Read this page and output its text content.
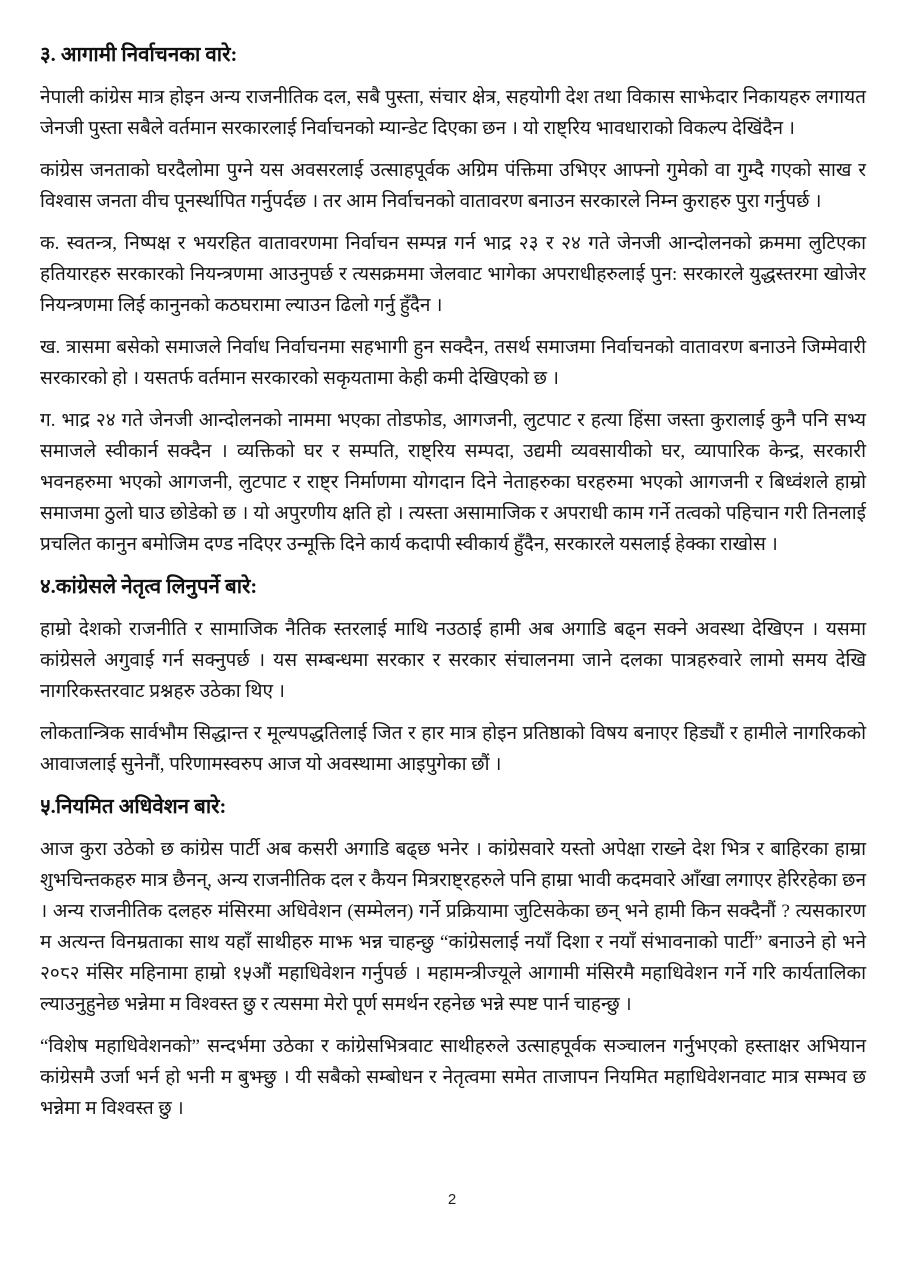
३. आगामी निर्वाचनका वारे:

नेपाली कांग्रेस मात्र होइन अन्य राजनीतिक दल, सबै पुस्ता, संचार क्षेत्र, सहयोगी देश तथा विकास साझेदार निकायहरु लगायत जेनजी पुस्ता सबैले वर्तमान सरकारलाई निर्वाचनको म्यान्डेट दिएका छन । यो राष्ट्रिय भावधाराको विकल्प देखिंदैन ।

कांग्रेस जनताको घरदैलोमा पुग्ने यस अवसरलाई उत्साहपूर्वक अग्रिम पंक्तिमा उभिएर आफ्नो गुमेको वा गुम्दै गएको साख र विश्वास जनता वीच पूनर्स्थापित गर्नुपर्दछ । तर आम निर्वाचनको वातावरण बनाउन सरकारले निम्न कुराहरु पुरा गर्नुपर्छ ।

क. स्वतन्त्र, निष्पक्ष र भयरहित वातावरणमा निर्वाचन सम्पन्न गर्न भाद्र २३ र २४ गते जेनजी आन्दोलनको क्रममा लुटिएका हतियारहरु सरकारको नियन्त्रणमा आउनुपर्छ र त्यसक्रममा जेलवाट भागेका अपराधीहरुलाई पुन: सरकारले युद्धस्तरमा खोजेर नियन्त्रणमा लिई कानुनको कठघरामा ल्याउन ढिलो गर्नु हुँदैन ।

ख. त्रासमा बसेको समाजले निर्वाध निर्वाचनमा सहभागी हुन सक्दैन, तसर्थ समाजमा निर्वाचनको वातावरण बनाउने जिम्मेवारी सरकारको हो । यसतर्फ वर्तमान सरकारको सकृयतामा केही कमी देखिएको छ ।

ग. भाद्र २४ गते जेनजी आन्दोलनको नाममा भएका तोडफोड, आगजनी, लुटपाट र हत्या हिंसा जस्ता कुरालाई कुनै पनि सभ्य समाजले स्वीकार्न सक्दैन । व्यक्तिको घर र सम्पति, राष्ट्रिय सम्पदा, उद्यमी व्यवसायीको घर, व्यापारिक केन्द्र, सरकारी भवनहरुमा भएको आगजनी, लुटपाट र राष्ट्र निर्माणमा योगदान दिने नेताहरुका घरहरुमा भएको आगजनी र बिध्वंशले हाम्रो समाजमा ठुलो घाउ छोडेको छ । यो अपुरणीय क्षति हो । त्यस्ता असामाजिक र अपराधी काम गर्ने तत्वको पहिचान गरी तिनलाई प्रचलित कानुन बमोजिम दण्ड नदिएर उन्मूक्ति दिने कार्य कदापी स्वीकार्य हुँदैन, सरकारले यसलाई हेक्का राखोस ।

४.कांग्रेसले नेतृत्व लिनुपर्ने बारे:

हाम्रो देशको राजनीति र सामाजिक नैतिक स्तरलाई माथि नउठाई हामी अब अगाडि बढ्न सक्ने अवस्था देखिएन । यसमा कांग्रेसले अगुवाई गर्न सक्नुपर्छ । यस सम्बन्धमा सरकार र सरकार संचालनमा जाने दलका पात्रहरुवारे लामो समय देखि नागरिकस्तरवाट प्रश्नहरु उठेका थिए ।

लोकतान्त्रिक सार्वभौम सिद्धान्त र मूल्यपद्धतिलाई जित र हार मात्र होइन प्रतिष्ठाको विषय बनाएर हिड्यौं र हामीले नागरिकको आवाजलाई सुनेनौं, परिणामस्वरुप आज यो अवस्थामा आइपुगेका छौं ।

५.नियमित अधिवेशन बारे:

आज कुरा उठेको छ कांग्रेस पार्टी अब कसरी अगाडि बढ्छ भनेर । कांग्रेसवारे यस्तो अपेक्षा राख्ने देश भित्र र बाहिरका हाम्रा शुभचिन्तकहरु मात्र छैनन्, अन्य राजनीतिक दल र कैयन मित्रराष्ट्रहरुले पनि हाम्रा भावी कदमवारे आँखा लगाएर हेरिरहेका छन । अन्य राजनीतिक दलहरु मंसिरमा अधिवेशन (सम्मेलन) गर्ने प्रक्रियामा जुटिसकेका छन् भने हामी किन सक्दैनौं ? त्यसकारण म अत्यन्त विनम्रताका साथ यहाँ साथीहरु माझ भन्न चाहन्छु “कांग्रेसलाई नयाँ दिशा र नयाँ संभावनाको पार्टी” बनाउने हो भने २०८२ मंसिर महिनामा हाम्रो १५औं महाधिवेशन गर्नुपर्छ । महामन्त्रीज्यूले आगामी मंसिरमै महाधिवेशन गर्ने गरि कार्यतालिका ल्याउनुहुनेछ भन्नेमा म विश्वस्त छु र त्यसमा मेरो पूर्ण समर्थन रहनेछ भन्ने स्पष्ट पार्न चाहन्छु ।

“विशेष महाधिवेशनको” सन्दर्भमा उठेका र कांग्रेसभित्रवाट साथीहरुले उत्साहपूर्वक सञ्चालन गर्नुभएको हस्ताक्षर अभियान कांग्रेसमै उर्जा भर्न हो भनी म बुझ्छु । यी सबैको सम्बोधन र नेतृत्वमा समेत ताजापन नियमित महाधिवेशनवाट मात्र सम्भव छ भन्नेमा म विश्वस्त छु ।

2
